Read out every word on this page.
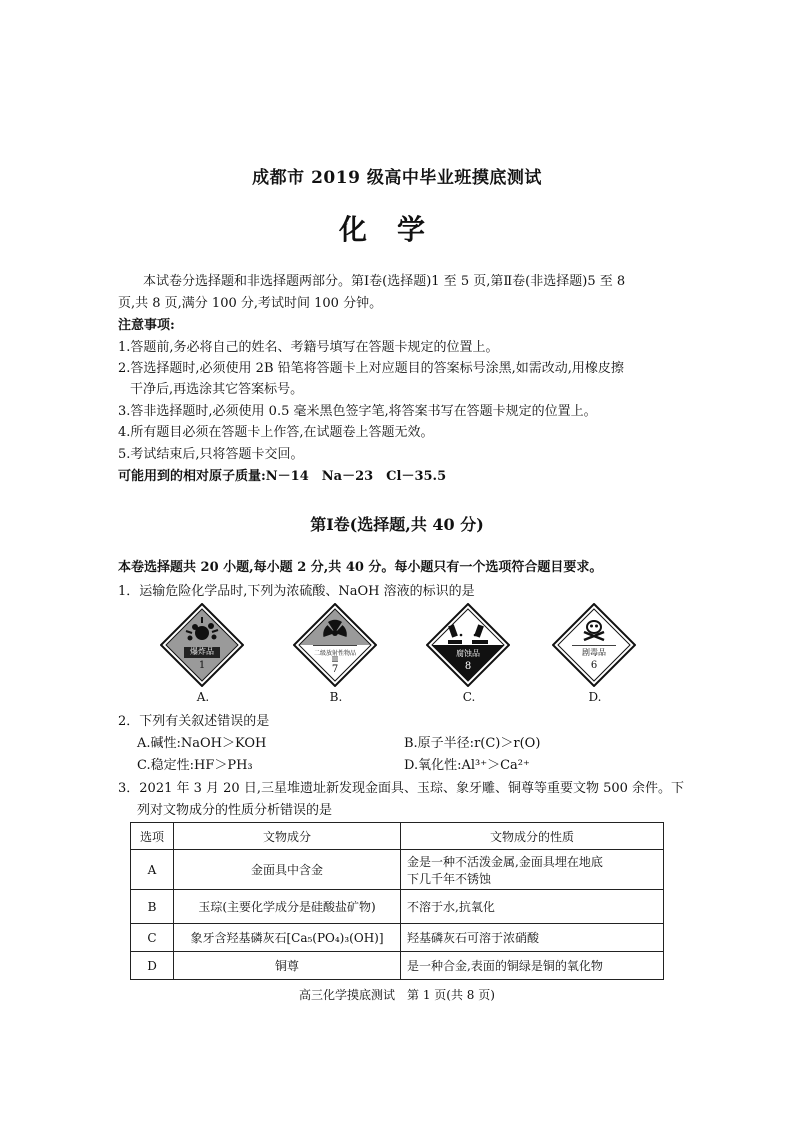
成都市 2019 级高中毕业班摸底测试
化学
本试卷分选择题和非选择题两部分。第Ⅰ卷(选择题)1 至 5 页,第Ⅱ卷(非选择题)5 至 8
页,共 8 页,满分 100 分,考试时间 100 分钟。
注意事项:
1.答题前,务必将自己的姓名、考籍号填写在答题卡规定的位置上。
2.答选择题时,必须使用 2B 铅笔将答题卡上对应题目的答案标号涂黑,如需改动,用橡皮擦
干净后,再选涂其它答案标号。
3.答非选择题时,必须使用 0.5 毫米黑色签字笔,将答案书写在答题卡规定的位置上。
4.所有题目必须在答题卡上作答,在试题卷上答题无效。
5.考试结束后,只将答题卡交回。
可能用到的相对原子质量:N－14　Na－23　Cl－35.5
第Ⅰ卷(选择题,共 40 分)
本卷选择题共 20 小题,每小题 2 分,共 40 分。每小题只有一个选项符合题目要求。
1．运输危险化学品时,下列为浓硫酸、NaOH 溶液的标识的是
爆炸品
1
A.
二级放射性物品
Ⅲ
7
B.
腐蚀品
8
C.
剧毒品
6
D.
2．下列有关叙述错误的是
A.碱性:NaOH＞KOH	B.原子半径:r(C)＞r(O)
C.稳定性:HF＞PH₃	D.氧化性:Al³⁺＞Ca²⁺
3．2021 年 3 月 20 日,三星堆遗址新发现金面具、玉琮、象牙雕、铜尊等重要文物 500 余件。下
列对文物成分的性质分析错误的是
选项	文物成分	文物成分的性质
A	金面具中含金	金是一种不活泼金属,金面具埋在地底
下几千年不锈蚀

B	玉琮(主要化学成分是硅酸盐矿物)	不溶于水,抗氧化
C	象牙含羟基磷灰石[Ca₅(PO₄)₃(OH)]	羟基磷灰石可溶于浓硝酸
D	铜尊	是一种合金,表面的铜绿是铜的氧化物
高三化学摸底测试　第 1 页(共 8 页)
